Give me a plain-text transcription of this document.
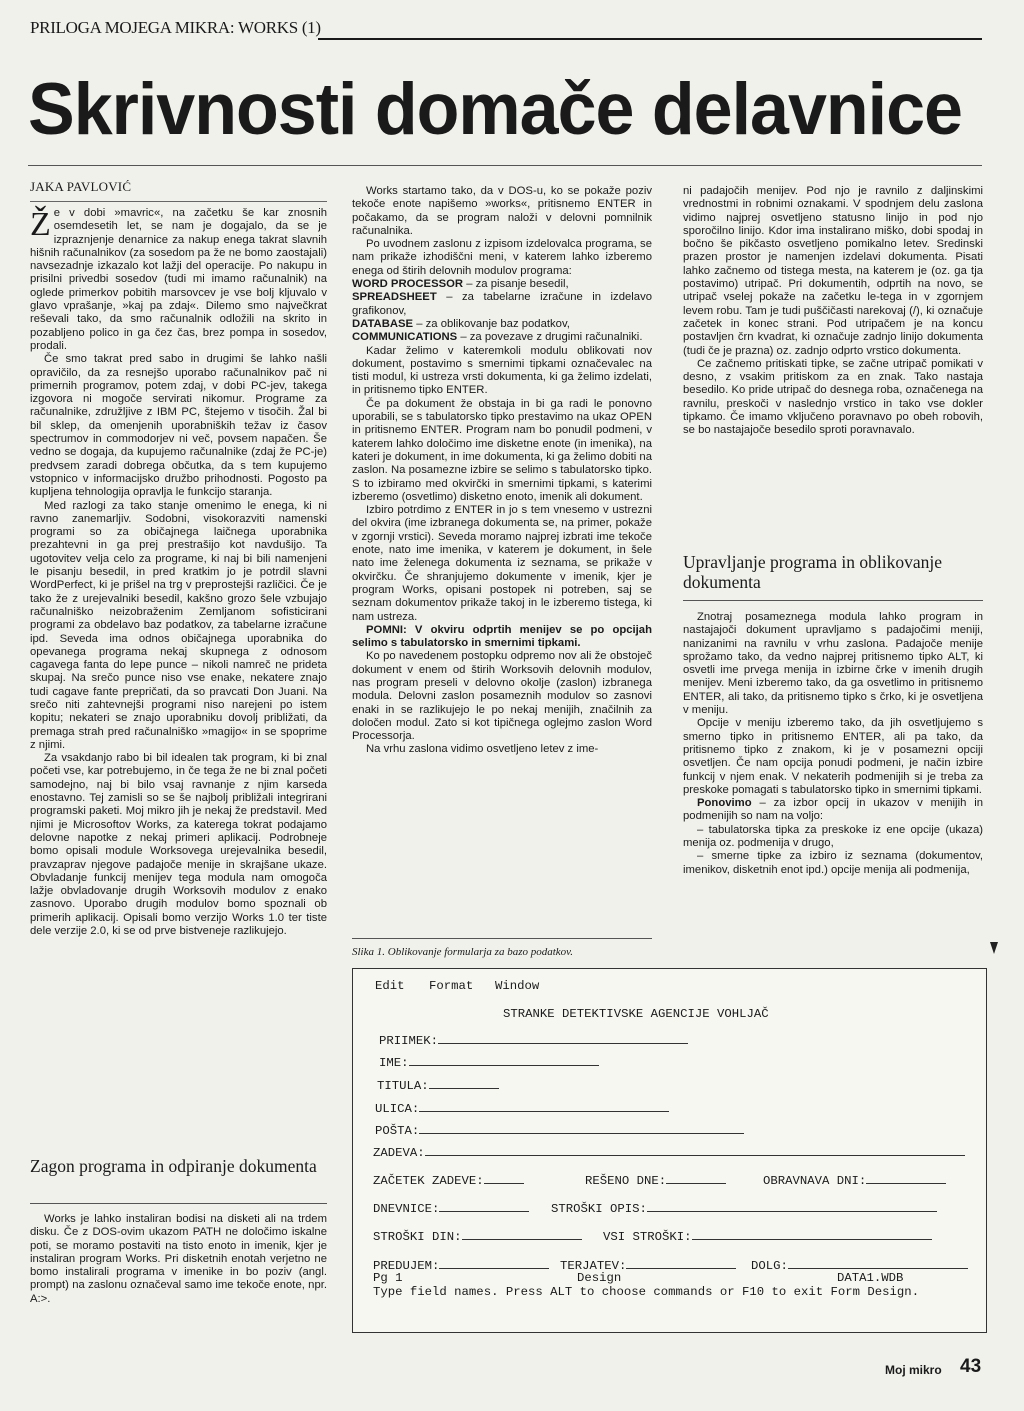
PRILOGA MOJEGA MIKRA: WORKS (1)
Skrivnosti domače delavnice
JAKA PAVLOVIĆ

Že v dobi »mavric«, na začetku še kar znosnih osemdesetih let, se nam je dogajalo, da se je izpraznjenje denarnice za nakup enega takrat slavnih hišnih računalnikov (za sosedom pa že ne bomo zaostajali) navsezadnje izkazalo kot lažji del operacije. Po nakupu in prisilni privedbi sosedov (tudi mi imamo računalnik) na oglede primerkov pobitih marsovcev je vse bolj kljuvalo v glavo vprašanje, »kaj pa zdaj«. Dilemo smo največkrat reševali tako, da smo računalnik odložili na skrito in pozabljeno polico in ga čez čas, brez pompa in sosedov, prodali.

Če smo takrat pred sabo in drugimi še lahko našli opravičilo, da za resnejšo uporabo računalnikov pač ni primernih programov, potem zdaj, v dobi PC-jev, takega izgovora ni mogoče servirati nikomur. Programe za računalnike, združljive z IBM PC, štejemo v tisočih. Žal bi bil sklep, da omenjenih uporabniških težav iz časov spectrumov in commodorjev ni več, povsem napačen. Še vedno se dogaja, da kupujemo računalnike (zdaj že PC-je) predvsem zaradi dobrega občutka, da s tem kupujemo vstopnico v informacijsko družbo prihodnosti. Pogosto pa kupljena tehnologija opravlja le funkcijo staranja.

Med razlogi za tako stanje omenimo le enega, ki ni ravno zanemarljiv. Sodobni, visokorazviti namenski programi so za običajnega laičnega uporabnika prezahtevni in ga prej prestrašijo kot navdušijo. Ta ugotovitev velja celo za programe, ki naj bi bili namenjeni le pisanju besedil, in pred kratkim jo je potrdil slavni WordPerfect, ki je prišel na trg v preprostejši različici. Če je tako že z urejevalniki besedil, kakšno grozo šele vzbujajo računalniško neizobraženim Zemljanom sofisticirani programi za obdelavo baz podatkov, za tabelarne izračune ipd. Seveda ima odnos običajnega uporabnika do opevanega programa nekaj skupnega z odnosom cagavega fanta do lepe punce – nikoli namreč ne prideta skupaj. Na srečo punce niso vse enake, nekatere znajo tudi cagave fante prepričati, da so pravcati Don Juani. Na srečo niti zahtevnejši programi niso narejeni po istem kopitu; nekateri se znajo uporabniku dovolj približati, da premaga strah pred računalniško »magijo« in se spoprime z njimi.

Za vsakdanjo rabo bi bil idealen tak program, ki bi znal početi vse, kar potrebujemo, in če tega že ne bi znal početi samodejno, naj bi bilo vsaj ravnanje z njim karseda enostavno. Tej zamisli so se še najbolj približali integrirani programski paketi. Moj mikro jih je nekaj že predstavil. Med njimi je Microsoftov Works, za katerega tokrat podajamo delovne napotke z nekaj primeri aplikacij. Podrobneje bomo opisali module Worksovega urejevalnika besedil, pravzaprav njegove padajoče menije in skrajšane ukaze. Obvladanje funkcij menijev tega modula nam omogoča lažje obvladovanje drugih Worksovih modulov z enako zasnovo. Uporabo drugih modulov bomo spoznali ob primerih aplikacij. Opisali bomo verzijo Works 1.0 ter tiste dele verzije 2.0, ki se od prve bistveneje razlikujejo.

Zagon programa in odpiranje dokumenta

Works je lahko instaliran bodisi na disketi ali na trdem disku. Če z DOS-ovim ukazom PATH ne določimo iskalne poti, se moramo postaviti na tisto enoto in imenik, kjer je instaliran program Works. Pri disketnih enotah verjetno ne bomo instalirali programa v imenike in bo poziv (angl. prompt) na zaslonu označeval samo ime tekoče enote, npr. A:>.

Works startamo tako, da v DOS-u, ko se pokaže poziv tekoče enote napišemo »works«, pritisnemo ENTER in počakamo, da se program naloži v delovni pomnilnik računalnika.

Po uvodnem zaslonu z izpisom izdelovalca programa, se nam prikaže izhodiščni meni, v katerem lahko izberemo enega od štirih delovnih modulov programa:

WORD PROCESSOR – za pisanje besedil,

SPREADSHEET – za tabelarne izračune in izdelavo grafikonov,

DATABASE – za oblikovanje baz podatkov,

COMMUNICATIONS – za povezave z drugimi računalniki.

Kadar želimo v kateremkoli modulu oblikovati nov dokument, postavimo s smernimi tipkami označevalec na tisti modul, ki ustreza vrsti dokumenta, ki ga želimo izdelati, in pritisnemo tipko ENTER.

Če pa dokument že obstaja in bi ga radi le ponovno uporabili, se s tabulatorsko tipko prestavimo na ukaz OPEN in pritisnemo ENTER. Program nam bo ponudil podmeni, v katerem lahko določimo ime disketne enote (in imenika), na kateri je dokument, in ime dokumenta, ki ga želimo dobiti na zaslon. Na posamezne izbire se selimo s tabulatorsko tipko. S to izbiramo med okvirčki in smernimi tipkami, s katerimi izberemo (osvetlimo) disketno enoto, imenik ali dokument.

Izbiro potrdimo z ENTER in jo s tem vnesemo v ustrezni del okvira (ime izbranega dokumenta se, na primer, pokaže v zgornji vrstici). Seveda moramo najprej izbrati ime tekoče enote, nato ime imenika, v katerem je dokument, in šele nato ime želenega dokumenta iz seznama, se prikaže v okvirčku. Če shranjujemo dokumente v imenik, kjer je program Works, opisani postopek ni potreben, saj se seznam dokumentov prikaže takoj in le izberemo tistega, ki nam ustreza.

POMNI: V okviru odprtih menijev se po opcijah selimo s tabulatorsko in smernimi tipkami.

Ko po navedenem postopku odpremo nov ali že obstoječ dokument v enem od štirih Worksovih delovnih modulov, nas program preseli v delovno okolje (zaslon) izbranega modula. Delovni zaslon posameznih modulov so zasnovi enaki in se razlikujejo le po nekaj menijih, značilnih za določen modul. Zato si kot tipičnega oglejmo zaslon Word Processorja.

Na vrhu zaslona vidimo osvetljeno letev z ime-

ni padajočih menijev. Pod njo je ravnilo z daljinskimi vrednostmi in robnimi oznakami. V spodnjem delu zaslona vidimo najprej osvetljeno statusno linijo in pod njo sporočilno linijo. Kdor ima instalirano miško, dobi spodaj in bočno še pikčasto osvetljeno pomikalno letev. Sredinski prazen prostor je namenjen izdelavi dokumenta. Pisati lahko začnemo od tistega mesta, na katerem je (oz. ga tja postavimo) utripač. Pri dokumentih, odprtih na novo, se utripač vselej pokaže na začetku le-tega in v zgornjem levem robu. Tam je tudi puščičasti narekovaj (/), ki označuje začetek in konec strani. Pod utripačem je na koncu postavljen črn kvadrat, ki označuje zadnjo linijo dokumenta (tudi če je prazna) oz. zadnjo odprto vrstico dokumenta.

Ce začnemo pritiskati tipke, se začne utripač pomikati v desno, z vsakim pritiskom za en znak. Tako nastaja besedilo. Ko pride utripač do desnega roba, označenega na ravnilu, preskoči v naslednjo vrstico in tako vse dokler tipkamo. Če imamo vključeno poravnavo po obeh robovih, se bo nastajajoče besedilo sproti poravnavalo.

Upravljanje programa in oblikovanje dokumenta

Znotraj posameznega modula lahko program in nastajajoči dokument upravljamo s padajočimi meniji, nanizanimi na ravnilu v vrhu zaslona. Padajoče menije sprožamo tako, da vedno najprej pritisnemo tipko ALT, ki osvetli ime prvega menija in izbirne črke v imenih drugih menijev. Meni izberemo tako, da ga osvetlimo in pritisnemo ENTER, ali tako, da pritisnemo tipko s črko, ki je osvetljena v meniju.

Opcije v meniju izberemo tako, da jih osvetljujemo s smerno tipko in pritisnemo ENTER, ali pa tako, da pritisnemo tipko z znakom, ki je v posamezni opciji osvetljen. Če nam opcija ponudi podmeni, je način izbire funkcij v njem enak. V nekaterih podmenijih si je treba za preskoke pomagati s tabulatorsko tipko in smernimi tipkami.

Ponovimo – za izbor opcij in ukazov v menijih in podmenijih so nam na voljo:

– tabulatorska tipka za preskoke iz ene opcije (ukaza) menija oz. podmenija v drugo,

– smerne tipke za izbiro iz seznama (dokumentov, imenikov, disketnih enot ipd.) opcije menija ali podmenija,

Slika 1. Oblikovanje formularja za bazo podatkov.
Edit Format Window
STRANKE DETEKTIVSKE AGENCIJE VOHLJAČ
PRIIMEK:
IME:
TITULA:
ULICA:
POŠTA:
ZADEVA:
ZAČETEK ZADEVE:	REŠENO DNE:	OBRAVNAVA DNI:
DNEVNICE:	STROŠKI OPIS:
STROŠKI DIN:	VSI STROŠKI:
PREDUJEM:	TERJATEV:	DOLG:
Pg 1	Design	DATA1.WDB
Type field names. Press ALT to choose commands or F10 to exit Form Design.
Moj mikro 43
